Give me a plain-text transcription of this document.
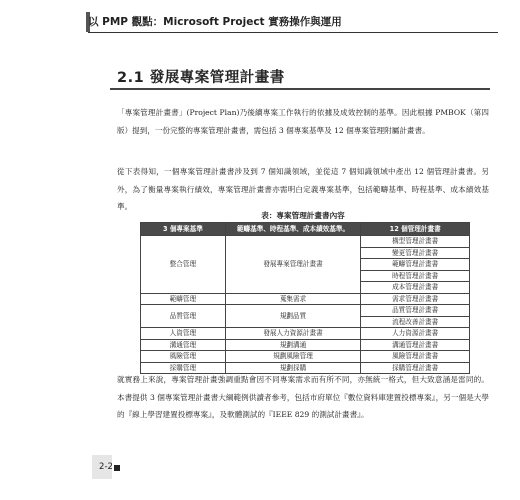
以 PMP 觀點：Microsoft Project 實務操作與運用
2.1 發展專案管理計畫書
「專案管理計畫書」(Project Plan)乃後續專案工作執行的依據及成效控制的基準。因此根據 PMBOK（第四版）提到，一份完整的專案管理計畫書，需包括 3 個專案基準及 12 個專案管理附屬計畫書。
從下表得知，一個專案管理計畫書涉及到 7 個知識領域，並從這 7 個知識領域中產出 12 個管理計畫書。另外，為了衡量專案執行績效，專案管理計畫書亦需明白定義專案基準，包括範疇基準、時程基準、成本績效基準。
表：專案管理計畫書內容
3 個專案基準	範疇基準、時程基準、成本績效基準。	12 個管理計畫書
整合管理	發展專案管理計畫書	構型管理計畫書
		變更管理計畫書
		範疇管理計畫書
		時程管理計畫書
		成本管理計畫書
範疇管理	蒐集需求	需求管理計畫書
品質管理	規劃品質	品質管理計畫書
		流程改善計畫書
人資管理	發展人力資源計畫書	人力資源計畫書
溝通管理	規劃溝通	溝通管理計畫書
風險管理	規劃風險管理	風險管理計畫書
採購管理	規劃採購	採購管理計畫書
就實務上來說，專案管理計畫強調重點會因不同專案需求而有所不同，亦無統一格式，但大致意涵是雷同的。本書提供 3 個專案管理計畫書大綱範例供讀者參考，包括市府單位『數位資料庫建置投標專案』，另一個是大學的『線上學習建置投標專案』，及軟體測試的『IEEE 829 的測試計畫書』。
2-2
